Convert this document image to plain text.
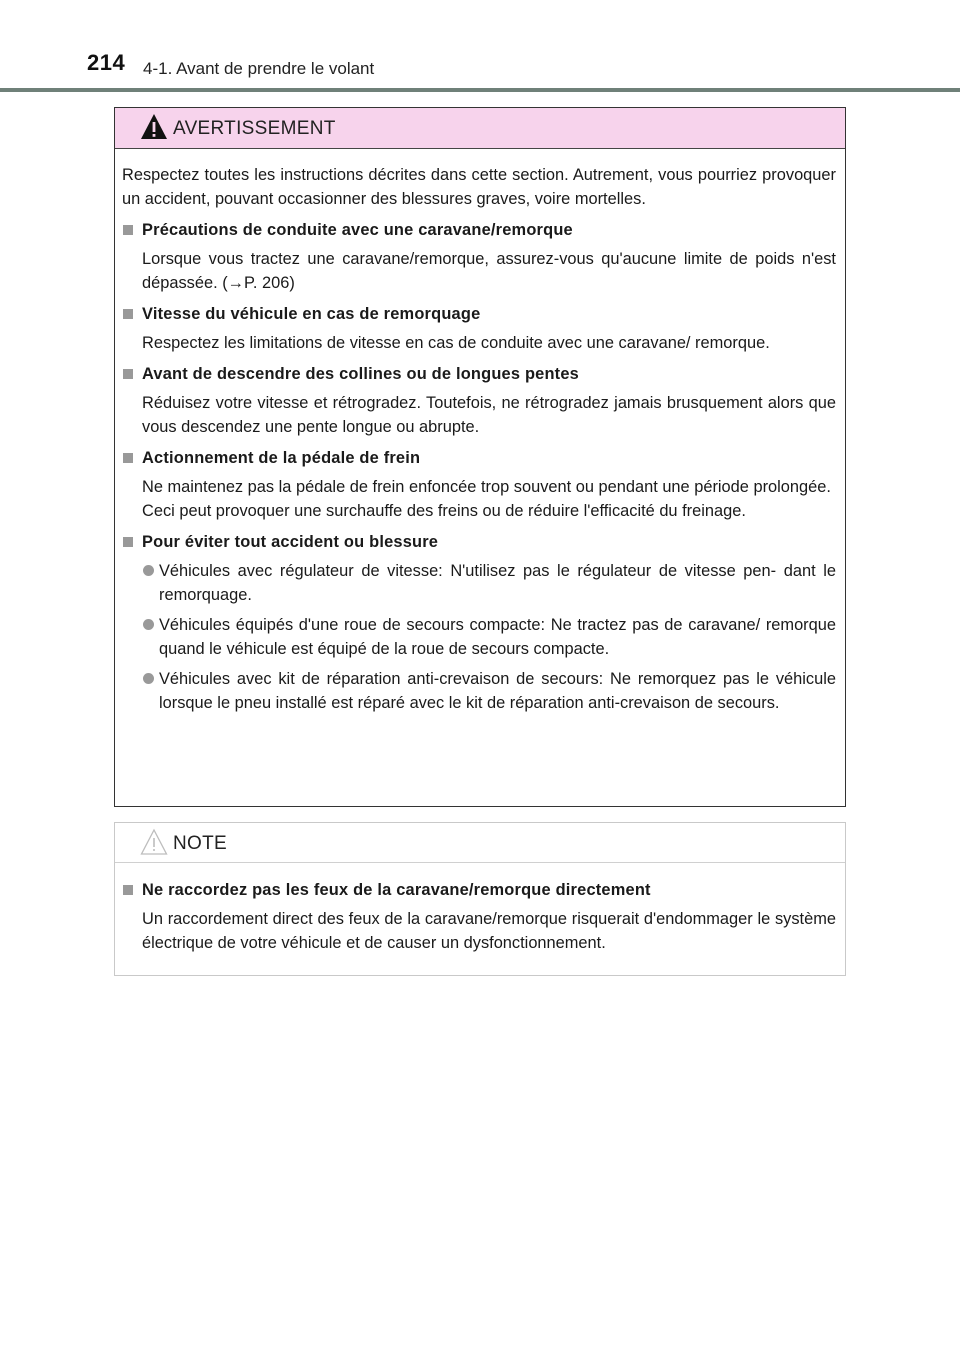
214 4-1. Avant de prendre le volant
AVERTISSEMENT

Respectez toutes les instructions décrites dans cette section. Autrement, vous pourriez provoquer un accident, pouvant occasionner des blessures graves, voire mortelles.

Précautions de conduite avec une caravane/remorque
Lorsque vous tractez une caravane/remorque, assurez-vous qu'aucune limite de poids n'est dépassée. (→P. 206)
Vitesse du véhicule en cas de remorquage
Respectez les limitations de vitesse en cas de conduite avec une caravane/ remorque.
Avant de descendre des collines ou de longues pentes
Réduisez votre vitesse et rétrogradez. Toutefois, ne rétrogradez jamais brusquement alors que vous descendez une pente longue ou abrupte.
Actionnement de la pédale de frein
Ne maintenez pas la pédale de frein enfoncée trop souvent ou pendant une période prolongée.
Ceci peut provoquer une surchauffe des freins ou de réduire l'efficacité du freinage.
Pour éviter tout accident ou blessure
Véhicules avec régulateur de vitesse: N'utilisez pas le régulateur de vitesse pen- dant le remorquage.
Véhicules équipés d'une roue de secours compacte: Ne tractez pas de caravane/ remorque quand le véhicule est équipé de la roue de secours compacte.
Véhicules avec kit de réparation anti-crevaison de secours: Ne remorquez pas le véhicule lorsque le pneu installé est réparé avec le kit de réparation anti-crevaison de secours.
NOTE
Ne raccordez pas les feux de la caravane/remorque directement
Un raccordement direct des feux de la caravane/remorque risquerait d'endommager le système électrique de votre véhicule et de causer un dysfonctionnement.
